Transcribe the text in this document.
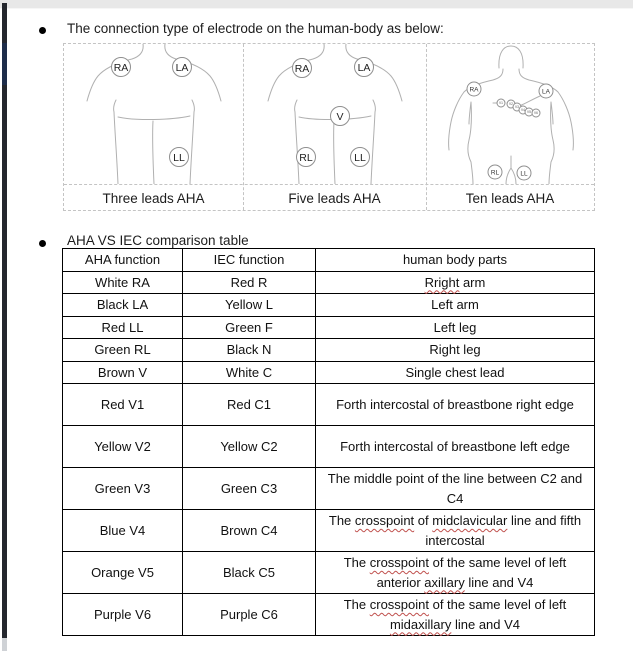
The connection type of electrode on the human-body as below:
RA	LA
LL
RA	LA
V
RL	LL
RA	LA
V1 V2
V3
V4 V5 V6
RL	LL
Three leads AHA	Five leads AHA	Ten leads AHA
AHA VS IEC comparison table
AHA function	IEC function	human body parts
White RA	Red R	Rright arm
Black LA	Yellow L	Left arm
Red LL	Green F	Left leg
Green RL	Black N	Right leg
Brown V	White C	Single chest lead
Red V1	Red C1	Forth intercostal of breastbone right edge
Yellow V2	Yellow C2	Forth intercostal of breastbone left edge
Green V3	Green C3	The middle point of the line between C2 and C4
Blue V4	Brown C4	The crosspoint of midclavicular line and fifth intercostal
Orange V5	Black C5	The crosspoint of the same level of left anterior axillary line and V4
Purple V6	Purple C6	The crosspoint of the same level of left midaxillary line and V4
